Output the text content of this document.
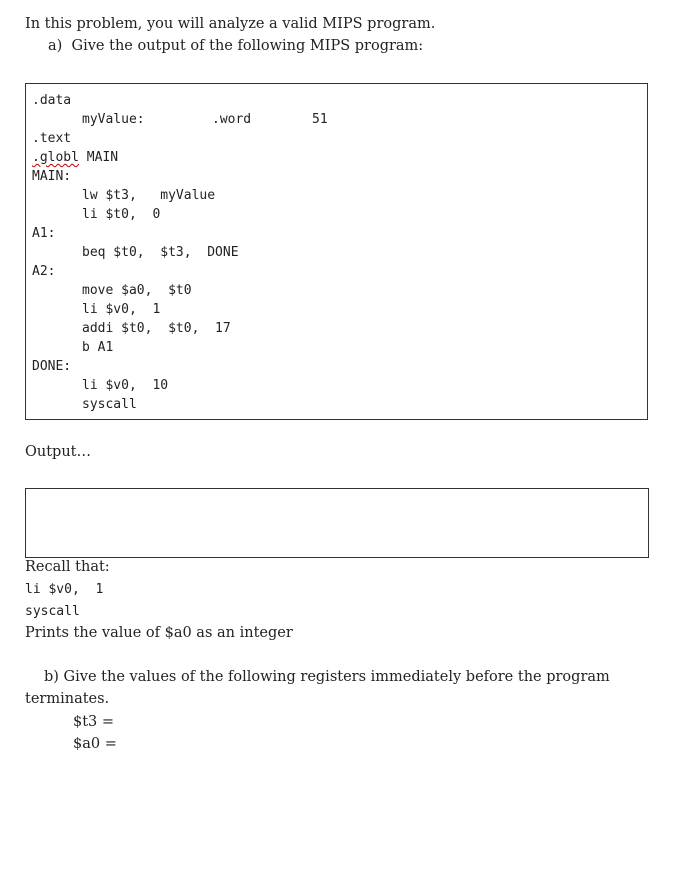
In this problem, you will analyze a valid MIPS program.
a)  Give the output of the following MIPS program:
.data
myValue:	.word	51
.text
.globl MAIN
MAIN:
lw $t3,   myValue
li $t0,  0
A1:
beq $t0,  $t3,  DONE
A2:
move $a0,  $t0
li $v0,  1
addi $t0,  $t0,  17
b A1
DONE:
li $v0,  10
syscall
Output…
Recall that:
li $v0,  1
syscall
Prints the value of $a0 as an integer
b) Give the values of the following registers immediately before the program
terminates.
$t3 =
$a0 =
